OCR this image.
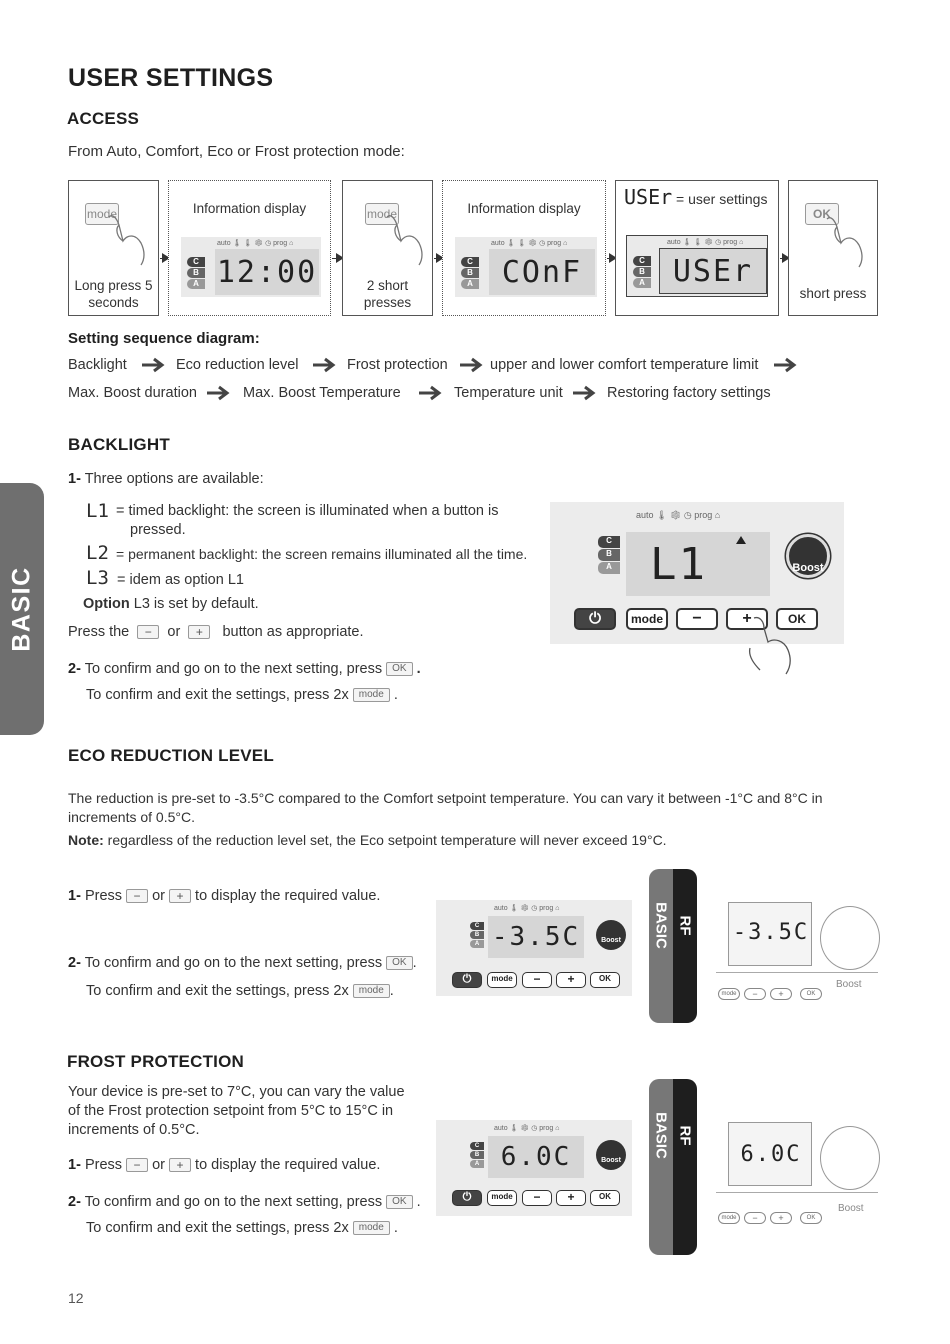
USER SETTINGS
BASIC
ACCESS
From Auto, Comfort, Eco or Frost protection mode:
mode
Long press 5 seconds
Information display
auto 🌡 🌡 ❄ ◷ prog ⌂
C
B
A 12:00
mode
2 short presses
Information display
auto 🌡 🌡 ❄ ◷ prog ⌂
C
B
A COnF
USEr = user settings
auto 🌡 🌡 ❄ ◷ prog ⌂
C
B
A USEr
OK
short press
Setting sequence diagram:
Backlight	Eco reduction level	Frost protection	upper and lower comfort temperature limit
Max. Boost duration	Max. Boost Temperature	Temperature unit	Restoring factory settings
BACKLIGHT
1- Three options are available:
L1 = timed backlight: the screen is illuminated when a button is
pressed.
L2 = permanent backlight: the screen remains illuminated all the time.
L3 = idem as option L1
Option L3 is set by default.
Press the − or + button as appropriate.
2- To confirm and go on to the next setting, press OK .
To confirm and exit the settings, press 2x mode .
auto 🌡 ❄ ◷ prog ⌂
C
B
A L1	Boost
⏻	mode	−	+	OK
ECO REDUCTION LEVEL
The reduction is pre-set to -3.5°C compared to the Comfort setpoint temperature. You can vary it between -1°C and 8°C in
increments of 0.5°C.
Note: regardless of the reduction level set, the Eco setpoint temperature will never exceed 19°C.
1- Press − or + to display the required value.
2- To confirm and go on to the next setting, press OK .
To confirm and exit the settings, press 2x mode .
auto 🌡 ❄ ◷ prog ⌂
C
B
A -3.5C	Boost
⏻	mode	−	+	OK
BASIC RF -3.5C
mode	−	+	OK
Boost
FROST PROTECTION
Your device is pre-set to 7°C, you can vary the value
of the Frost protection setpoint from 5°C to 15°C in
increments of 0.5°C.
1- Press − or + to display the required value.
2- To confirm and go on to the next setting, press OK .
To confirm and exit the settings, press 2x mode .
auto 🌡 ❄ ◷ prog ⌂
C
B
A 6.0C	Boost
⏻	mode	−	+	OK
BASIC RF
6.0C
mode	−	+	OK
Boost
12
